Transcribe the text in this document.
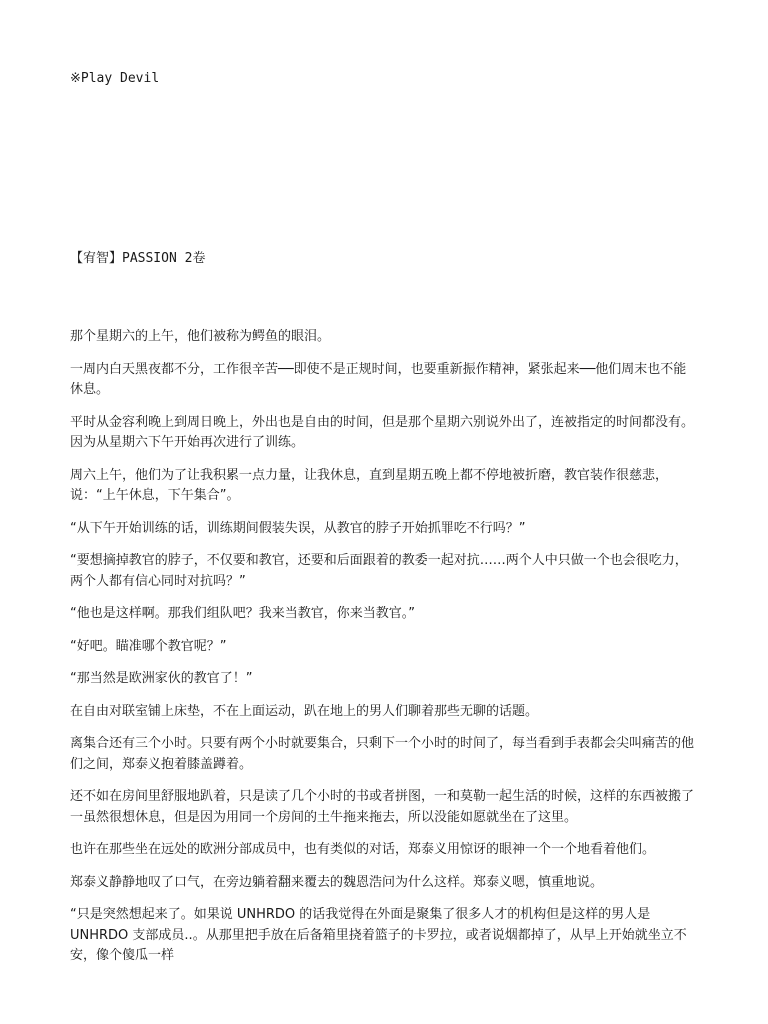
※Play Devil
【宥智】PASSION 2卷

那个星期六的上午，他们被称为鳄鱼的眼泪。

一周内白天黑夜都不分，工作很辛苦──即使不是正规时间，也要重新振作精神，紧张起来──他们周末也不能休息。

平时从金容利晚上到周日晚上，外出也是自由的时间，但是那个星期六别说外出了，连被指定的时间都没有。因为从星期六下午开始再次进行了训练。

周六上午，他们为了让我积累一点力量，让我休息，直到星期五晚上都不停地被折磨，教官装作很慈悲，说：“上午休息，下午集合”。

“从下午开始训练的话，训练期间假装失误，从教官的脖子开始抓罪吃不行吗？”

“要想摘掉教官的脖子，不仅要和教官，还要和后面跟着的教委一起对抗……两个人中只做一个也会很吃力，两个人都有信心同时对抗吗？”

“他也是这样啊。那我们组队吧？我来当教官，你来当教官。”

“好吧。瞄准哪个教官呢？”

“那当然是欧洲家伙的教官了！”

在自由对联室铺上床垫，不在上面运动，趴在地上的男人们聊着那些无聊的话题。

离集合还有三个小时。只要有两个小时就要集合，只剩下一个小时的时间了，每当看到手表都会尖叫痛苦的他们之间，郑泰义抱着膝盖蹲着。

还不如在房间里舒服地趴着，只是读了几个小时的书或者拼图，一和莫勒一起生活的时候，这样的东西被搬了一虽然很想休息，但是因为用同一个房间的土牛拖来拖去，所以没能如愿就坐在了这里。

也许在那些坐在远处的欧洲分部成员中，也有类似的对话，郑泰义用惊讶的眼神一个一个地看着他们。

郑泰义静静地叹了口气，在旁边躺着翻来覆去的魏恩浩问为什么这样。郑泰义嗯，慎重地说。

“只是突然想起来了。如果说 UNHRDO 的话我觉得在外面是聚集了很多人才的机构但是这样的男人是 UNHRDO 支部成员..。从那里把手放在后备箱里挠着篮子的卡罗拉，或者说烟都掉了，从早上开始就坐立不安，像个傻瓜一样
